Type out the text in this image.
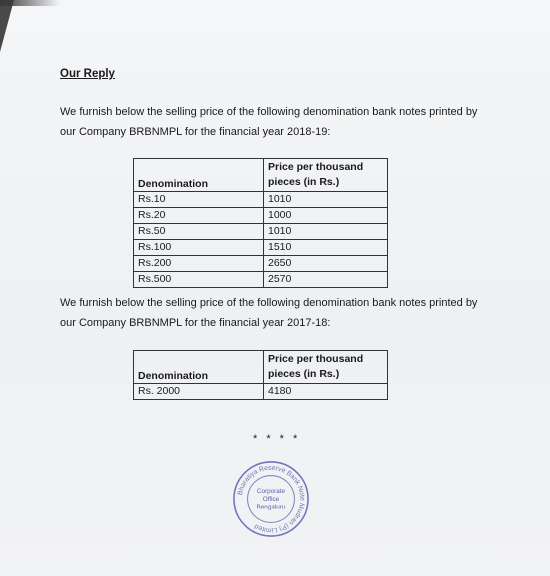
Our Reply
We furnish below the selling price of the following denomination bank notes printed by our Company BRBNMPL for the financial year 2018-19:
Denomination	Price per thousand pieces (in Rs.)
Rs.10	1010
Rs.20	1000
Rs.50	1010
Rs.100	1510
Rs.200	2650
Rs.500	2570
We furnish below the selling price of the following denomination bank notes printed by our Company BRBNMPL for the financial year 2017-18:
Denomination	Price per thousand pieces (in Rs.)
Rs. 2000	4180
* * * *
Bharatiya Reserve Bank Note Mudran (P) Limited
Corporate
Office
Bengaluru
